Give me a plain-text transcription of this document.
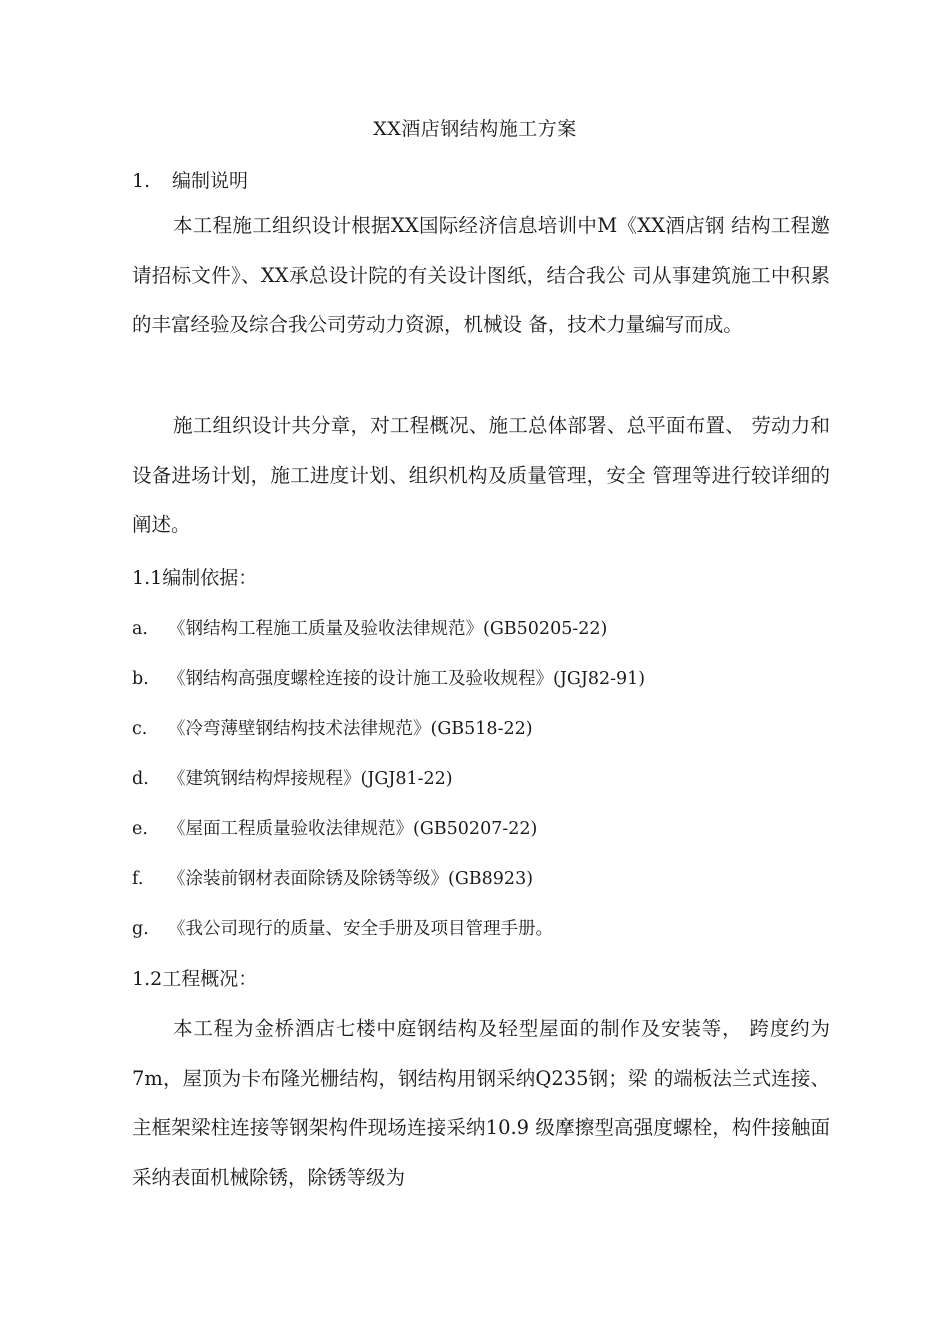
XX酒店钢结构施工方案
1. 编制说明

本工程施工组织设计根据XX国际经济信息培训中M《XX酒店钢 结构工程邀请招标文件》、XX承总设计院的有关设计图纸，结合我公 司从事建筑施工中积累的丰富经验及综合我公司劳动力资源，机械设 备，技术力量编写而成。

施工组织设计共分章，对工程概况、施工总体部署、总平面布置、 劳动力和设备进场计划，施工进度计划、组织机构及质量管理，安全 管理等进行较详细的阐述。

1.1编制依据：
a. 《钢结构工程施工质量及验收法律规范》(GB50205-22)
b. 《钢结构高强度螺栓连接的设计施工及验收规程》(JGJ82-91)
c. 《冷弯薄壁钢结构技术法律规范》(GB518-22)
d. 《建筑钢结构焊接规程》(JGJ81-22)
e. 《屋面工程质量验收法律规范》(GB50207-22)
f. 《涂装前钢材表面除锈及除锈等级》(GB8923)
g. 《我公司现行的质量、安全手册及项目管理手册。
1.2工程概况：

本工程为金桥酒店七楼中庭钢结构及轻型屋面的制作及安装等， 跨度约为7m，屋顶为卡布隆光栅结构，钢结构用钢采纳Q235钢；梁 的端板法兰式连接、主框架梁柱连接等钢架构件现场连接采纳10.9 级摩擦型高强度螺栓，构件接触面采纳表面机械除锈，除锈等级为
